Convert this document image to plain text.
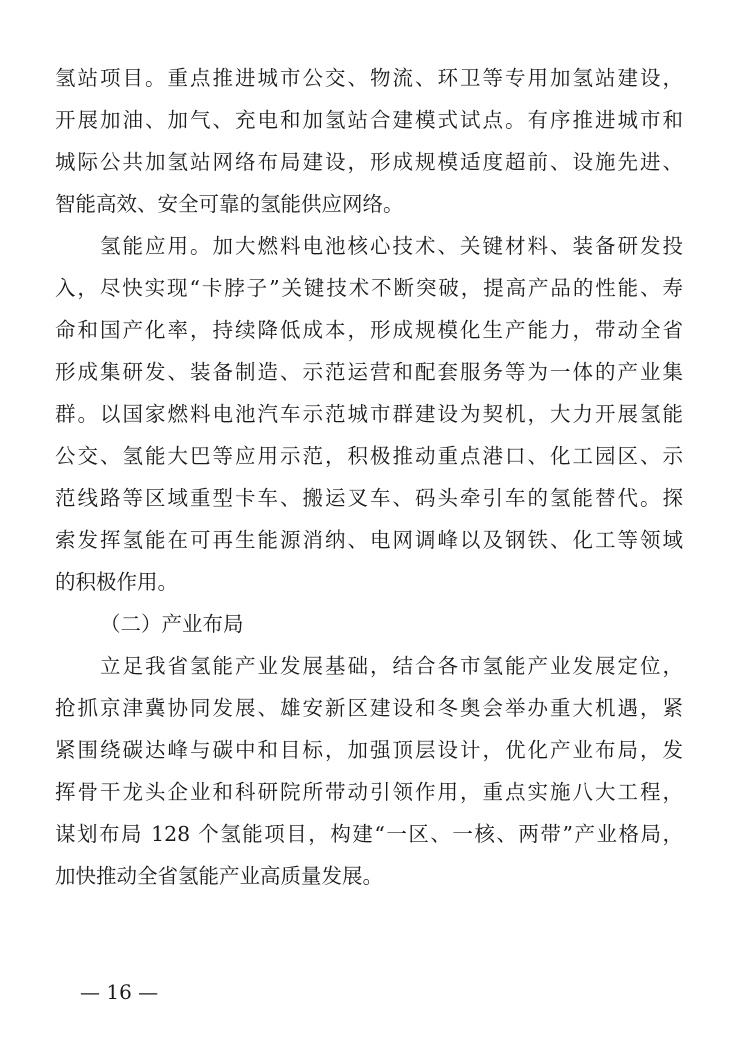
氢站项目。重点推进城市公交、物流、环卫等专用加氢站建设，
开展加油、加气、充电和加氢站合建模式试点。有序推进城市和
城际公共加氢站网络布局建设，形成规模适度超前、设施先进、
智能高效、安全可靠的氢能供应网络。
氢能应用。加大燃料电池核心技术、关键材料、装备研发投
入，尽快实现“卡脖子”关键技术不断突破，提高产品的性能、寿
命和国产化率，持续降低成本，形成规模化生产能力，带动全省
形成集研发、装备制造、示范运营和配套服务等为一体的产业集
群。以国家燃料电池汽车示范城市群建设为契机，大力开展氢能
公交、氢能大巴等应用示范，积极推动重点港口、化工园区、示
范线路等区域重型卡车、搬运叉车、码头牵引车的氢能替代。探
索发挥氢能在可再生能源消纳、电网调峰以及钢铁、化工等领域
的积极作用。
（二）产业布局
立足我省氢能产业发展基础，结合各市氢能产业发展定位，
抢抓京津冀协同发展、雄安新区建设和冬奥会举办重大机遇，紧
紧围绕碳达峰与碳中和目标，加强顶层设计，优化产业布局，发
挥骨干龙头企业和科研院所带动引领作用，重点实施八大工程，
谋划布局 128 个氢能项目，构建“一区、一核、两带”产业格局，
加快推动全省氢能产业高质量发展。
— 16 —
